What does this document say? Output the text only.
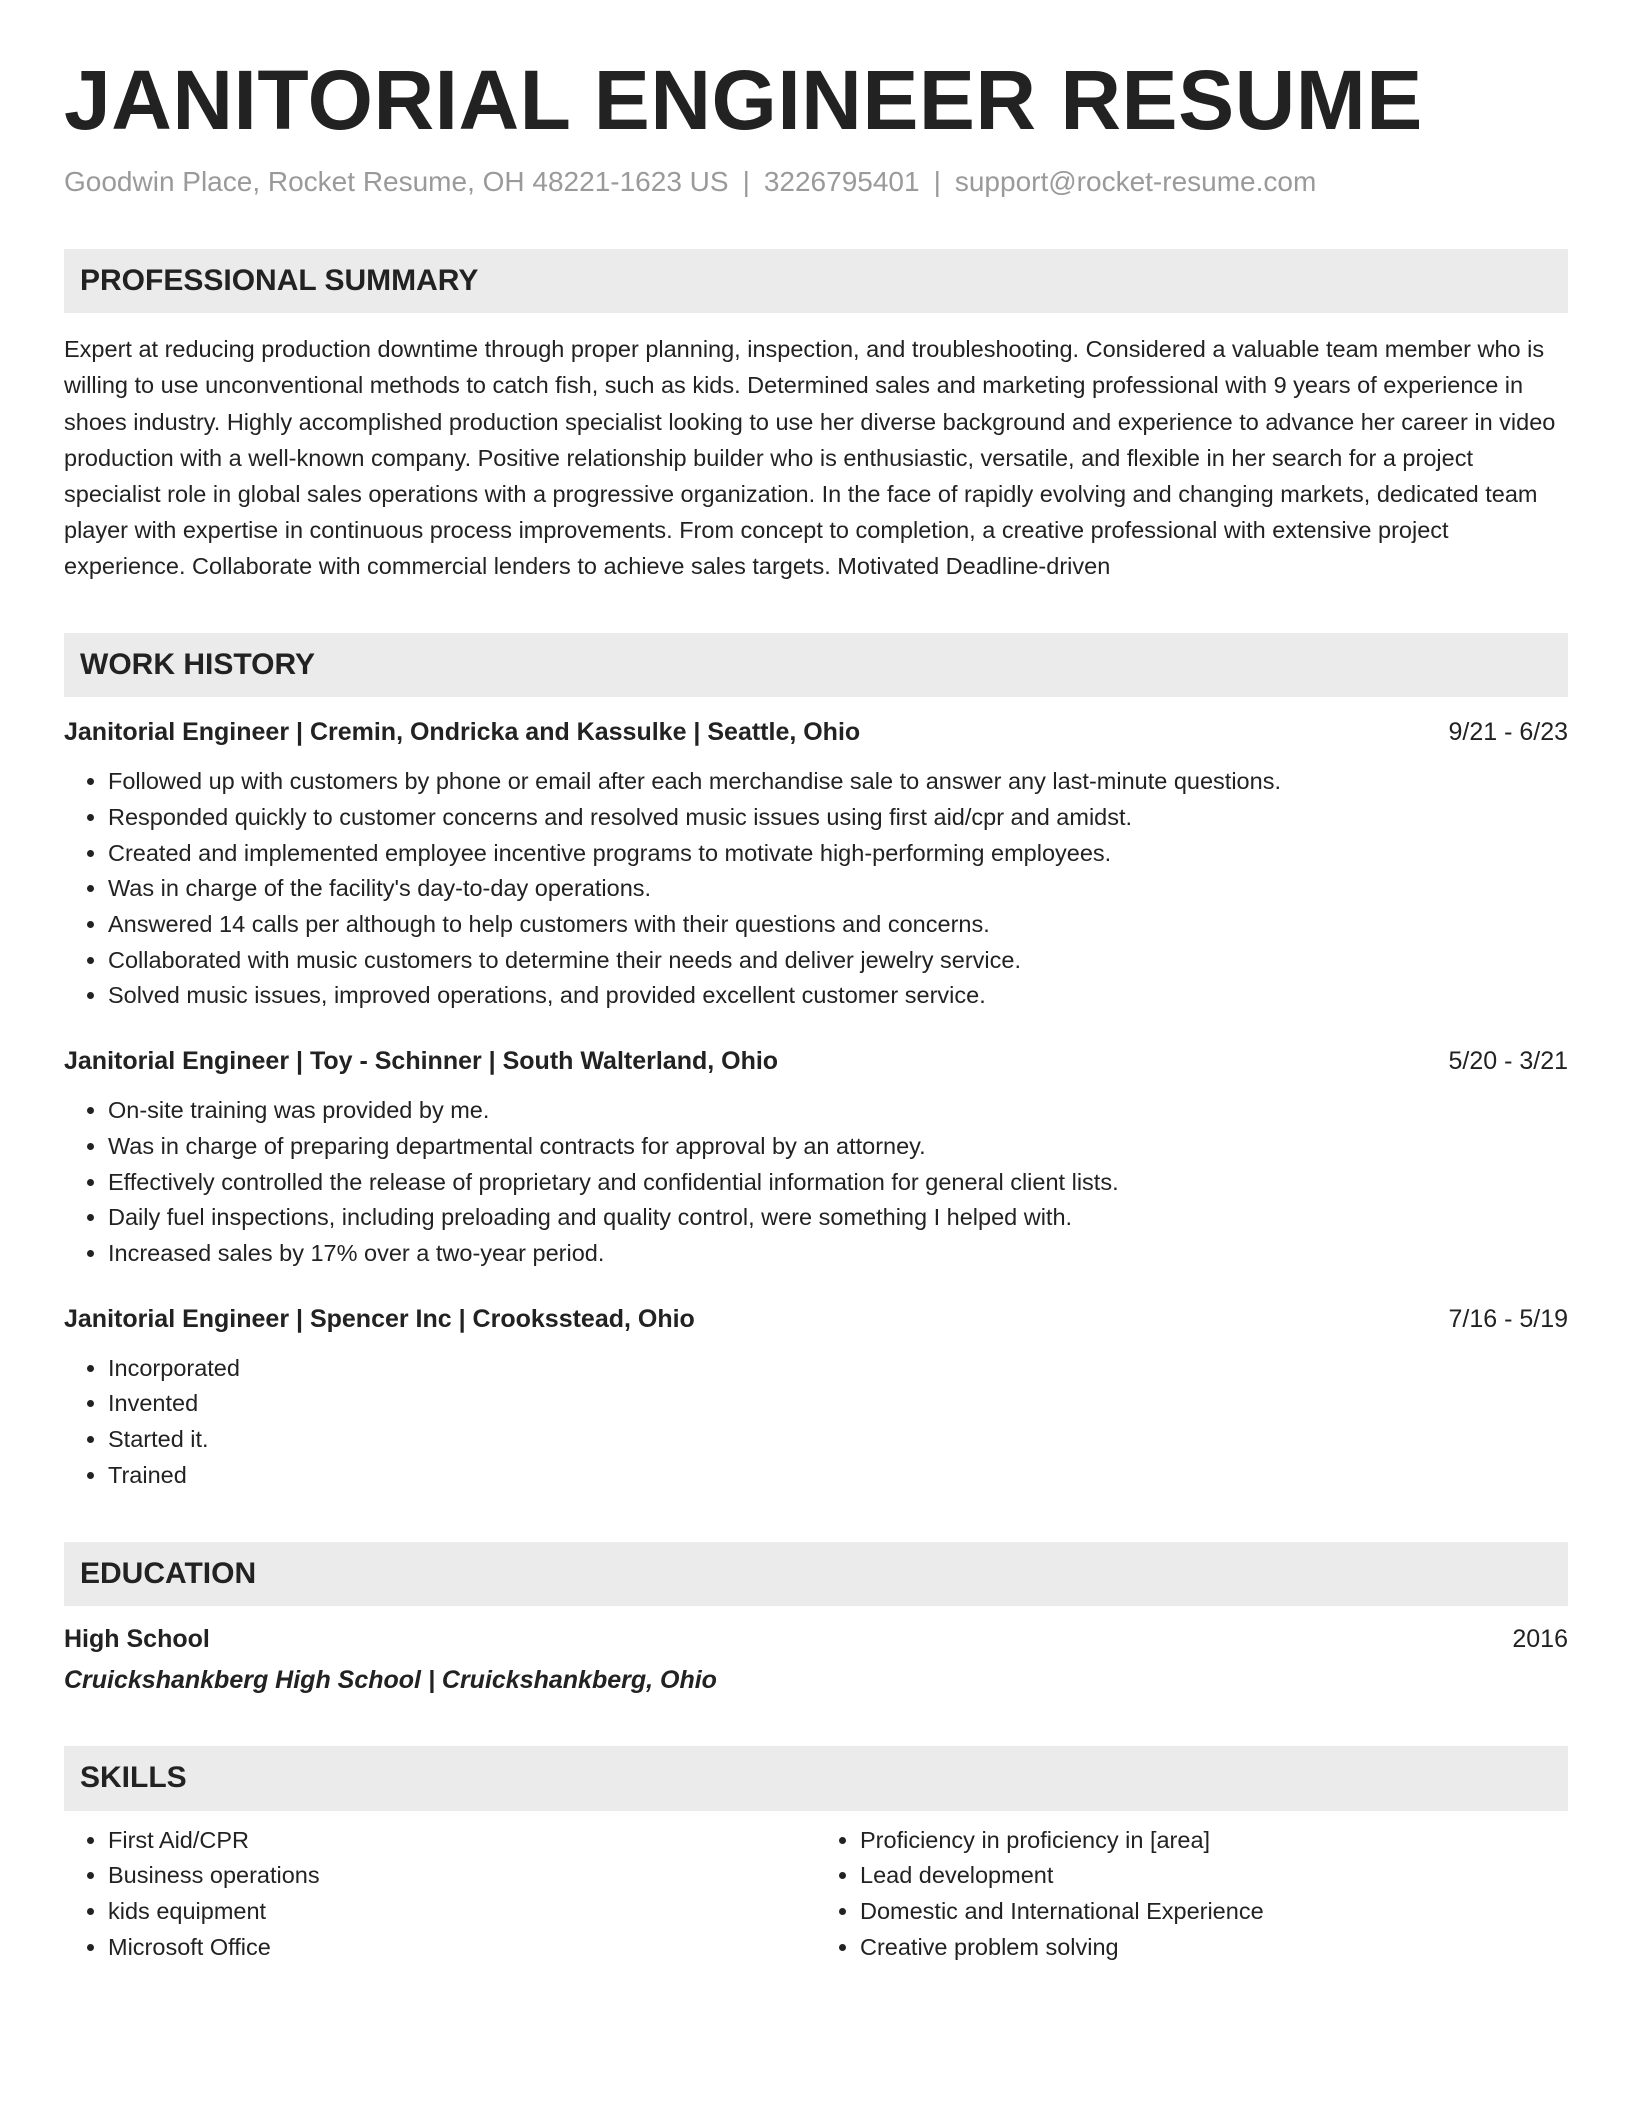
JANITORIAL ENGINEER RESUME
Goodwin Place, Rocket Resume, OH 48221-1623 US | 3226795401 | support@rocket-resume.com
PROFESSIONAL SUMMARY
Expert at reducing production downtime through proper planning, inspection, and troubleshooting. Considered a valuable team member who is willing to use unconventional methods to catch fish, such as kids. Determined sales and marketing professional with 9 years of experience in shoes industry. Highly accomplished production specialist looking to use her diverse background and experience to advance her career in video production with a well-known company. Positive relationship builder who is enthusiastic, versatile, and flexible in her search for a project specialist role in global sales operations with a progressive organization. In the face of rapidly evolving and changing markets, dedicated team player with expertise in continuous process improvements. From concept to completion, a creative professional with extensive project experience. Collaborate with commercial lenders to achieve sales targets. Motivated Deadline-driven
WORK HISTORY
Janitorial Engineer | Cremin, Ondricka and Kassulke | Seattle, Ohio	9/21 - 6/23
• Followed up with customers by phone or email after each merchandise sale to answer any last-minute questions.
• Responded quickly to customer concerns and resolved music issues using first aid/cpr and amidst.
• Created and implemented employee incentive programs to motivate high-performing employees.
• Was in charge of the facility's day-to-day operations.
• Answered 14 calls per although to help customers with their questions and concerns.
• Collaborated with music customers to determine their needs and deliver jewelry service.
• Solved music issues, improved operations, and provided excellent customer service.
Janitorial Engineer | Toy - Schinner | South Walterland, Ohio	5/20 - 3/21
• On-site training was provided by me.
• Was in charge of preparing departmental contracts for approval by an attorney.
• Effectively controlled the release of proprietary and confidential information for general client lists.
• Daily fuel inspections, including preloading and quality control, were something I helped with.
• Increased sales by 17% over a two-year period.
Janitorial Engineer | Spencer Inc | Crooksstead, Ohio	7/16 - 5/19
• Incorporated
• Invented
• Started it.
• Trained
EDUCATION
High School	2016
Cruickshankberg High School | Cruickshankberg, Ohio
SKILLS
• First Aid/CPR
• Business operations
• kids equipment
• Microsoft Office
• Proficiency in proficiency in [area]
• Lead development
• Domestic and International Experience
• Creative problem solving
